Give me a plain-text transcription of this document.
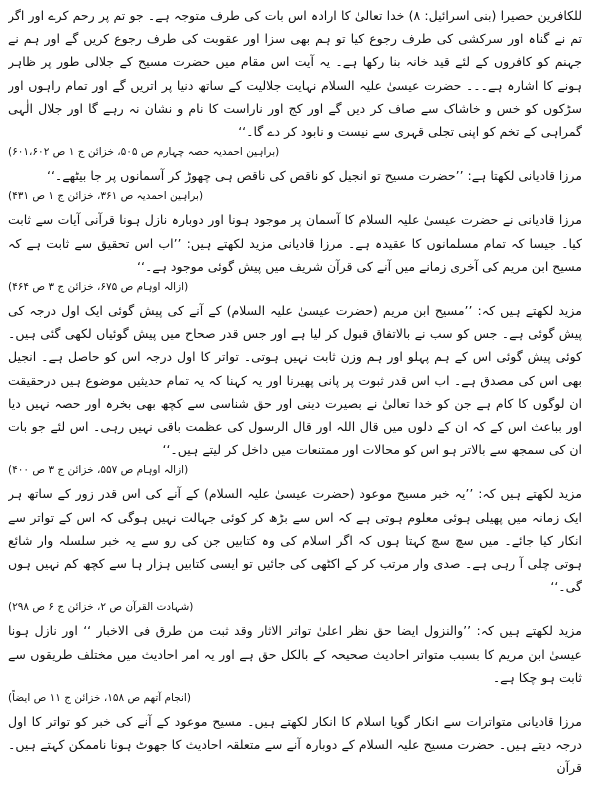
للکافرین حصیرا (بنی اسرائیل: ۸) خدا تعالیٰ کا ارادہ اس بات کی طرف متوجہ ہے۔ جو تم پر رحم کرے اور اگر تم نے گناہ اور سرکشی کی طرف رجوع کیا تو ہم بھی سزا اور عقوبت کی طرف رجوع کریں گے اور ہم نے جہنم کو کافروں کے لئے قید خانہ بنا رکھا ہے۔ یہ آیت اس مقام میں حضرت مسیح کے جلالی طور پر ظاہر ہونے کا اشارہ ہے۔۔۔ حضرت عیسیٰ علیہ السلام نہایت جلالیت کے ساتھ دنیا پر اتریں گے اور تمام راہوں اور سڑکوں کو خس و خاشاک سے صاف کر دیں گے اور کج اور ناراست کا نام و نشان نہ رہے گا اور جلال الٰہی گمراہی کے تخم کو اپنی تجلی قہری سے نیست و نابود کر دے گا۔‘‘

(براہین احمدیہ حصہ چہارم ص ۵۰۵، خزائن ج ۱ ص ۶۰۱،۶۰۲)

مرزا قادیانی لکھتا ہے: ’’حضرت مسیح تو انجیل کو ناقص کی ناقص ہی چھوڑ کر آسمانوں پر جا بیٹھے۔‘‘

(براہین احمدیہ ص ۳۶۱، خزائن ج ۱ ص ۴۳۱)

مرزا قادیانی نے حضرت عیسیٰ علیہ السلام کا آسمان پر موجود ہونا اور دوبارہ نازل ہونا قرآنی آیات سے ثابت کیا۔ جیسا کہ تمام مسلمانوں کا عقیدہ ہے۔ مرزا قادیانی مزید لکھتے ہیں: ’’اب اس تحقیق سے ثابت ہے کہ مسیح ابن مریم کی آخری زمانے میں آنے کی قرآن شریف میں پیش گوئی موجود ہے۔‘‘

(ازالہ اوہام ص ۶۷۵، خزائن ج ۳ ص ۴۶۴)

مزید لکھتے ہیں کہ: ’’مسیح ابن مریم (حضرت عیسیٰ علیہ السلام) کے آنے کی پیش گوئی ایک اول درجہ کی پیش گوئی ہے۔ جس کو سب نے بالاتفاق قبول کر لیا ہے اور جس قدر صحاح میں پیش گوئیاں لکھی گئی ہیں۔ کوئی پیش گوئی اس کے ہم پہلو اور ہم وزن ثابت نہیں ہوتی۔ تواتر کا اول درجہ اس کو حاصل ہے۔ انجیل بھی اس کی مصدق ہے۔ اب اس قدر ثبوت پر پانی پھیرنا اور یہ کہنا کہ یہ تمام حدیثیں موضوع ہیں درحقیقت ان لوگوں کا کام ہے جن کو خدا تعالیٰ نے بصیرت دینی اور حق شناسی سے کچھ بھی بخرہ اور حصہ نہیں دیا اور بباعث اس کے کہ ان کے دلوں میں قال اللہ اور قال الرسول کی عظمت باقی نہیں رہی۔ اس لئے جو بات ان کی سمجھ سے بالاتر ہو اس کو محالات اور ممتنعات میں داخل کر لیتے ہیں۔‘‘

(ازالہ اوہام ص ۵۵۷، خزائن ج ۳ ص ۴۰۰)

مزید لکھتے ہیں کہ: ’’یہ خبر مسیح موعود (حضرت عیسیٰ علیہ السلام) کے آنے کی اس قدر زور کے ساتھ ہر ایک زمانہ میں پھیلی ہوئی معلوم ہوتی ہے کہ اس سے بڑھ کر کوئی جہالت نہیں ہوگی کہ اس کے تواتر سے انکار کیا جائے۔ میں سچ سچ کہتا ہوں کہ اگر اسلام کی وہ کتابیں جن کی رو سے یہ خبر سلسلہ وار شائع ہوتی چلی آ رہی ہے۔ صدی وار مرتب کر کے اکٹھی کی جائیں تو ایسی کتابیں ہزار ہا سے کچھ کم نہیں ہوں گی۔‘‘

(شہادت القرآن ص ۲، خزائن ج ۶ ص ۲۹۸)

مزید لکھتے ہیں کہ: ’’والنزول ایضا حق نظر اعلیٰ تواتر الاثار وقد ثبت من طرق فی الاخبار ‘‘ اور نازل ہونا عیسیٰ ابن مریم کا بسبب متواتر احادیث صحیحہ کے بالکل حق ہے اور یہ امر احادیث میں مختلف طریقوں سے ثابت ہو چکا ہے۔

(انجام آتھم ص ۱۵۸، خزائن ج ۱۱ ص ایضاً)

مرزا قادیانی متواترات سے انکار گویا اسلام کا انکار لکھتے ہیں۔ مسیح موعود کے آنے کی خبر کو تواتر کا اول درجہ دیتے ہیں۔ حضرت مسیح علیہ السلام کے دوبارہ آنے سے متعلقہ احادیث کا جھوٹ ہونا ناممکن کہتے ہیں۔ قرآن
